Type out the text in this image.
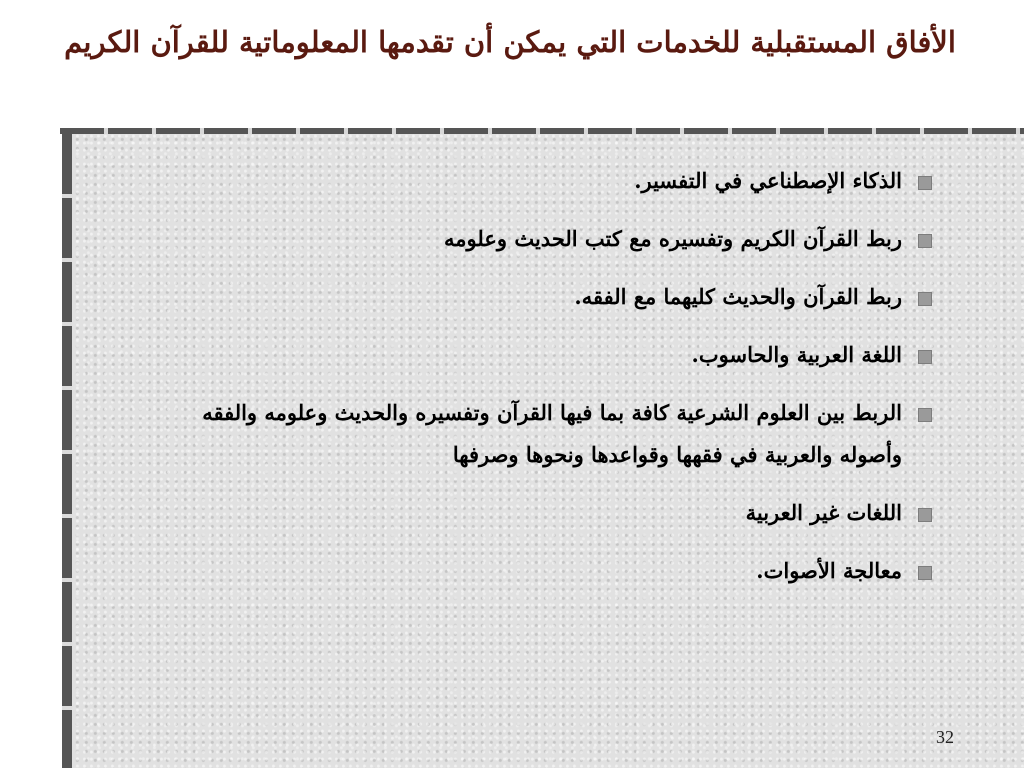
الأفاق المستقبلية للخدمات التي يمكن أن تقدمها المعلوماتية للقرآن الكريم
الذكاء الإصطناعي في التفسير.
ربط القرآن الكريم وتفسيره مع كتب الحديث وعلومه
ربط القرآن والحديث كليهما مع الفقه.
اللغة العربية والحاسوب.
الربط بين العلوم الشرعية كافة بما فيها القرآن وتفسيره والحديث وعلومه والفقه وأصوله والعربية في فقهها وقواعدها ونحوها وصرفها
اللغات غير العربية
معالجة الأصوات.
32
